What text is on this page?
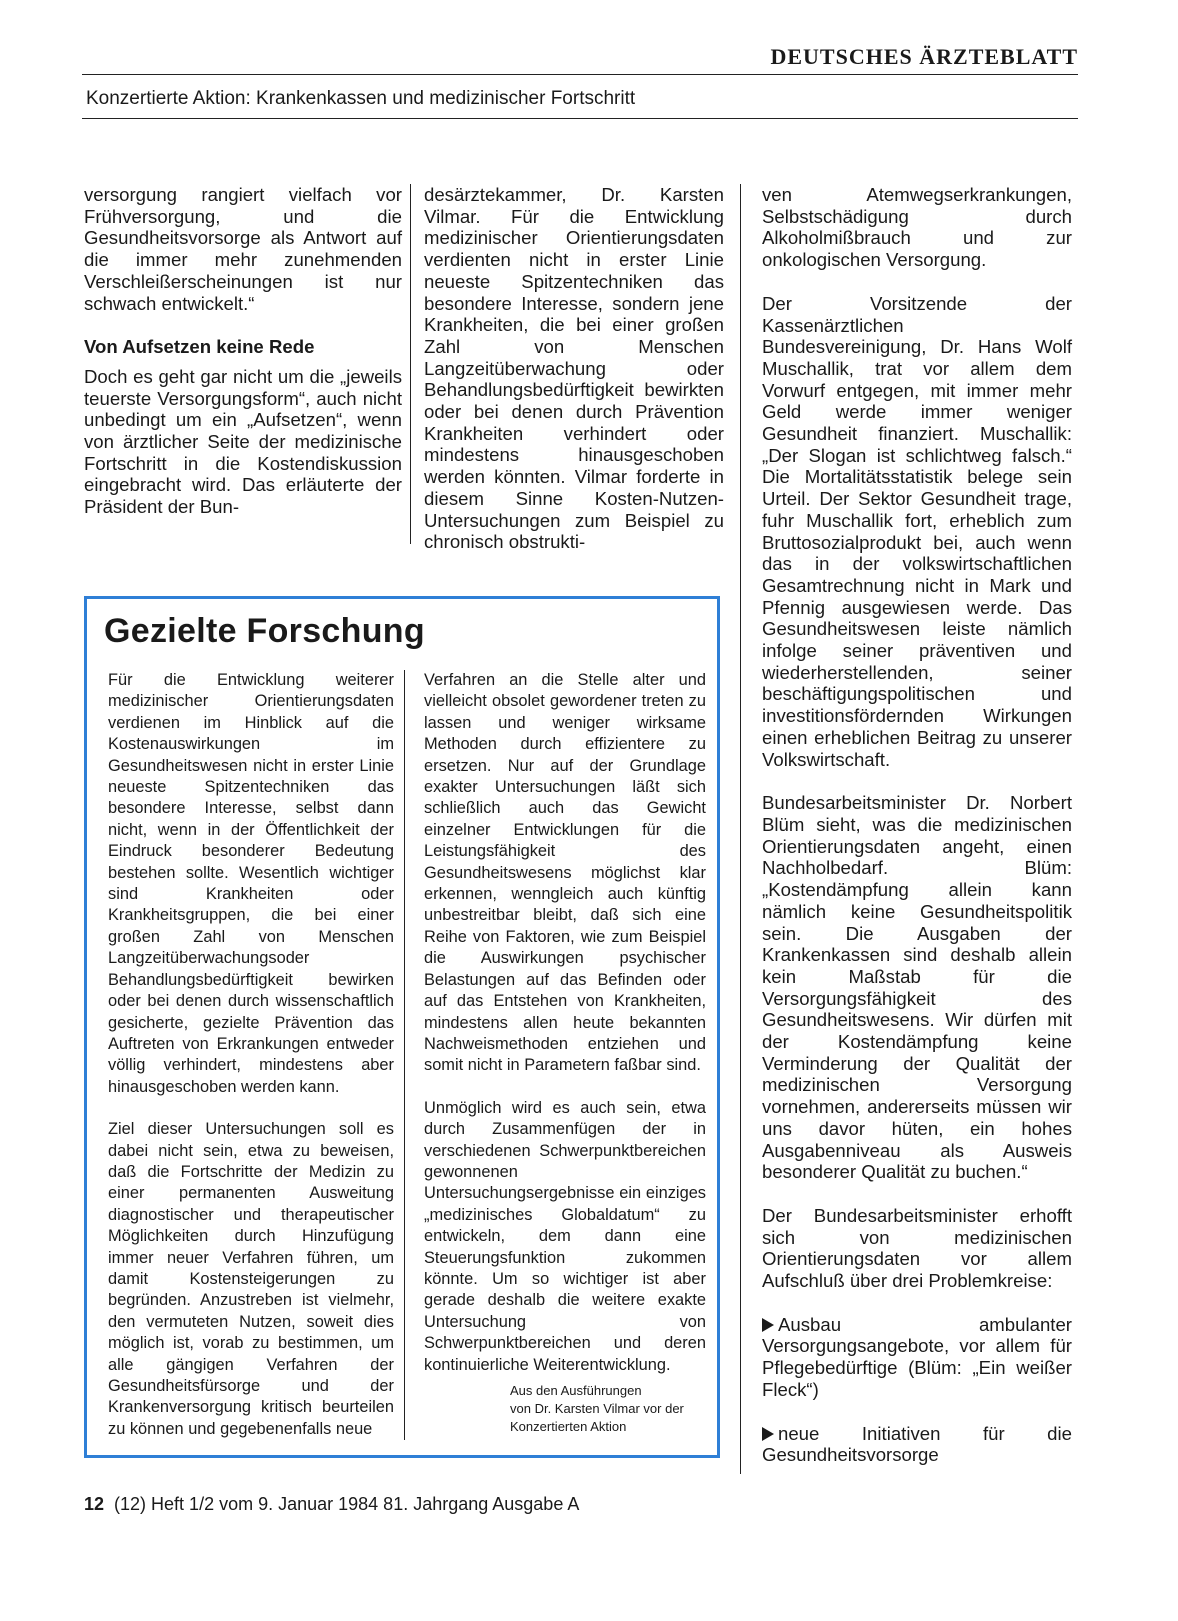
DEUTSCHES ÄRZTEBLATT
Konzertierte Aktion: Krankenkassen und medizinischer Fortschritt

versorgung rangiert vielfach vor Frühversorgung, und die Gesundheitsvorsorge als Antwort auf die immer mehr zunehmenden Verschleißerscheinungen ist nur schwach entwickelt.“

Von Aufsetzen keine Rede

Doch es geht gar nicht um die „jeweils teuerste Versorgungsform“, auch nicht unbedingt um ein „Aufsetzen“, wenn von ärztlicher Seite der medizinische Fortschritt in die Kostendiskussion eingebracht wird. Das erläuterte der Präsident der Bun-

desärztekammer, Dr. Karsten Vilmar. Für die Entwicklung medizinischer Orientierungsdaten verdienten nicht in erster Linie neueste Spitzentechniken das besondere Interesse, sondern jene Krankheiten, die bei einer großen Zahl von Menschen Langzeitüberwachung oder Behandlungsbedürftigkeit bewirkten oder bei denen durch Prävention Krankheiten verhindert oder mindestens hinausgeschoben werden könnten. Vilmar forderte in diesem Sinne Kosten-Nutzen-Untersuchungen zum Beispiel zu chronisch obstrukti-

ven Atemwegserkrankungen, Selbstschädigung durch Alkoholmißbrauch und zur onkologischen Versorgung.

Der Vorsitzende der Kassenärztlichen Bundesvereinigung, Dr. Hans Wolf Muschallik, trat vor allem dem Vorwurf entgegen, mit immer mehr Geld werde immer weniger Gesundheit finanziert. Muschallik: „Der Slogan ist schlichtweg falsch.“ Die Mortalitätsstatistik belege sein Urteil. Der Sektor Gesundheit trage, fuhr Muschallik fort, erheblich zum Bruttosozialprodukt bei, auch wenn das in der volkswirtschaftlichen Gesamtrechnung nicht in Mark und Pfennig ausgewiesen werde. Das Gesundheitswesen leiste nämlich infolge seiner präventiven und wiederherstellenden, seiner beschäftigungspolitischen und investitionsfördernden Wirkungen einen erheblichen Beitrag zu unserer Volkswirtschaft.

Bundesarbeitsminister Dr. Norbert Blüm sieht, was die medizinischen Orientierungsdaten angeht, einen Nachholbedarf. Blüm: „Kostendämpfung allein kann nämlich keine Gesundheitspolitik sein. Die Ausgaben der Krankenkassen sind deshalb allein kein Maßstab für die Versorgungsfähigkeit des Gesundheitswesens. Wir dürfen mit der Kostendämpfung keine Verminderung der Qualität der medizinischen Versorgung vornehmen, andererseits müssen wir uns davor hüten, ein hohes Ausgabenniveau als Ausweis besonderer Qualität zu buchen.“

Der Bundesarbeitsminister erhofft sich von medizinischen Orientierungsdaten vor allem Aufschluß über drei Problemkreise:

Ausbau ambulanter Versorgungsangebote, vor allem für Pflegebedürftige (Blüm: „Ein weißer Fleck“)

neue Initiativen für die Gesundheitsvorsorge

Gezielte Forschung

Für die Entwicklung weiterer medizinischer Orientierungsdaten verdienen im Hinblick auf die Kostenauswirkungen im Gesundheitswesen nicht in erster Linie neueste Spitzentechniken das besondere Interesse, selbst dann nicht, wenn in der Öffentlichkeit der Eindruck besonderer Bedeutung bestehen sollte. Wesentlich wichtiger sind Krankheiten oder Krankheitsgruppen, die bei einer großen Zahl von Menschen Langzeitüberwachungsoder Behandlungsbedürftigkeit bewirken oder bei denen durch wissenschaftlich gesicherte, gezielte Prävention das Auftreten von Erkrankungen entweder völlig verhindert, mindestens aber hinausgeschoben werden kann.

Ziel dieser Untersuchungen soll es dabei nicht sein, etwa zu beweisen, daß die Fortschritte der Medizin zu einer permanenten Ausweitung diagnostischer und therapeutischer Möglichkeiten durch Hinzufügung immer neuer Verfahren führen, um damit Kostensteigerungen zu begründen. Anzustreben ist vielmehr, den vermuteten Nutzen, soweit dies möglich ist, vorab zu bestimmen, um alle gängigen Verfahren der Gesundheitsfürsorge und der Krankenversorgung kritisch beurteilen zu können und gegebenenfalls neue

Verfahren an die Stelle alter und vielleicht obsolet gewordener treten zu lassen und weniger wirksame Methoden durch effizientere zu ersetzen. Nur auf der Grundlage exakter Untersuchungen läßt sich schließlich auch das Gewicht einzelner Entwicklungen für die Leistungsfähigkeit des Gesundheitswesens möglichst klar erkennen, wenngleich auch künftig unbestreitbar bleibt, daß sich eine Reihe von Faktoren, wie zum Beispiel die Auswirkungen psychischer Belastungen auf das Befinden oder auf das Entstehen von Krankheiten, mindestens allen heute bekannten Nachweismethoden entziehen und somit nicht in Parametern faßbar sind.

Unmöglich wird es auch sein, etwa durch Zusammenfügen der in verschiedenen Schwerpunktbereichen gewonnenen Untersuchungsergebnisse ein einziges „medizinisches Globaldatum“ zu entwickeln, dem dann eine Steuerungsfunktion zukommen könnte. Um so wichtiger ist aber gerade deshalb die weitere exakte Untersuchung von Schwerpunktbereichen und deren kontinuierliche Weiterentwicklung.

Aus den Ausführungen
von Dr. Karsten Vilmar vor der
Konzertierten Aktion
12 (12) Heft 1/2 vom 9. Januar 1984 81. Jahrgang Ausgabe A
